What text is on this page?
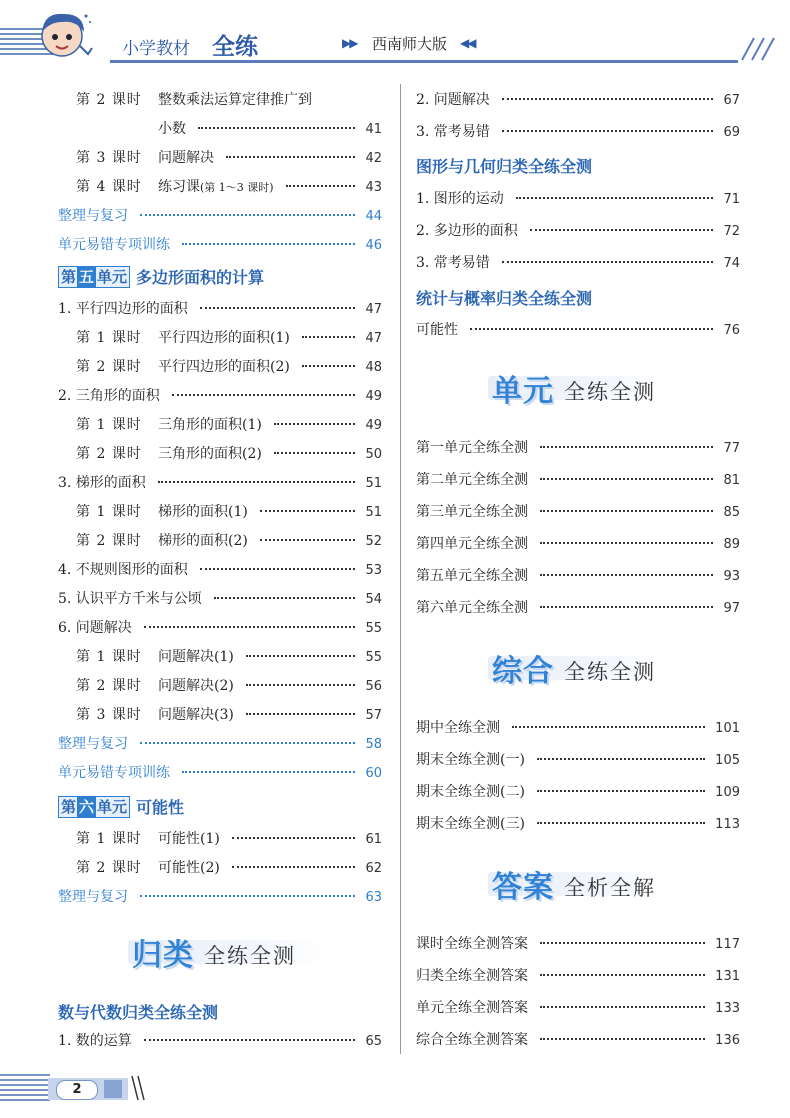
小学教材 全练	▶▶ 西南师大版 ◀◀
第 2 课时 整数乘法运算定律推广到
小数	41
第 3 课时 问题解决	42
第 4 课时 练习课(第 1～3 课时)	43
整理与复习	44
单元易错专项训练	46
第 五 单元 多边形面积的计算
1. 平行四边形的面积	47
第 1 课时 平行四边形的面积(1)	47
第 2 课时 平行四边形的面积(2)	48
2. 三角形的面积	49
第 1 课时 三角形的面积(1)	49
第 2 课时 三角形的面积(2)	50
3. 梯形的面积	51
第 1 课时 梯形的面积(1)	51
第 2 课时 梯形的面积(2)	52
4. 不规则图形的面积	53
5. 认识平方千米与公顷	54
6. 问题解决	55
第 1 课时 问题解决(1)	55
第 2 课时 问题解决(2)	56
第 3 课时 问题解决(3)	57
整理与复习	58
单元易错专项训练	60
第 六 单元 可能性
第 1 课时 可能性(1)	61
第 2 课时 可能性(2)	62
整理与复习	63
归类 全练全测
数与代数归类全练全测
1. 数的运算	65
2. 问题解决	67
3. 常考易错	69
图形与几何归类全练全测
1. 图形的运动	71
2. 多边形的面积	72
3. 常考易错	74
统计与概率归类全练全测
可能性	76
单元 全练全测
第一单元全练全测	77
第二单元全练全测	81
第三单元全练全测	85
第四单元全练全测	89
第五单元全练全测	93
第六单元全练全测	97
综合 全练全测
期中全练全测	101
期末全练全测(一)	105
期末全练全测(二)	109
期末全练全测(三)	113
答案 全析全解
课时全练全测答案	117
归类全练全测答案	131
单元全练全测答案	133
综合全练全测答案	136
2
